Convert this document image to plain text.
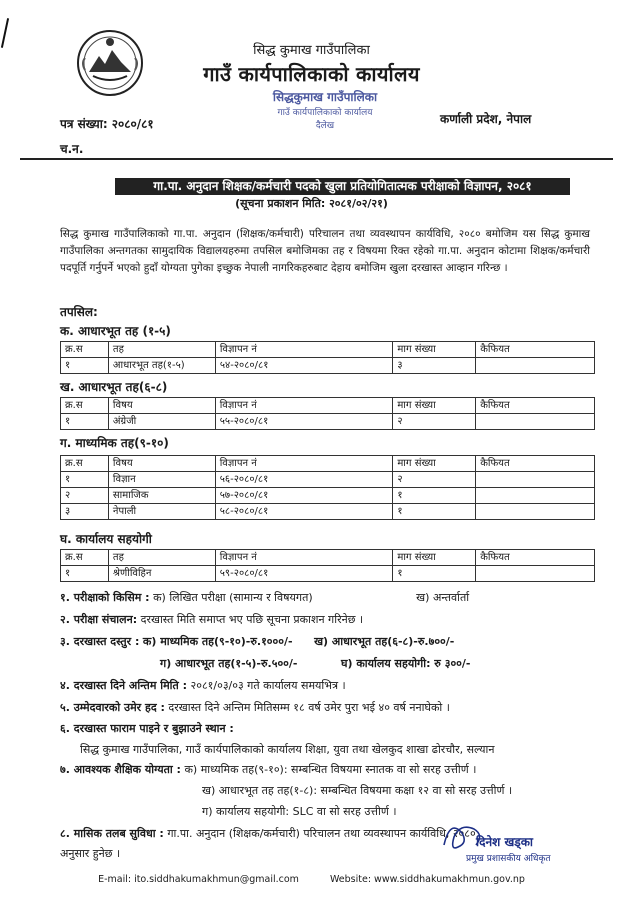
सिद्ध कुमाख गाउँपालिका
गाउँ कार्यपालिकाको कार्यालय
सिद्धकुमाख गाउँपालिका
गाउँ कार्यपालिकाको कार्यालय
दैलेख
पत्र संख्या: २०८०/८१
च.न.
कर्णाली प्रदेश, नेपाल
गा.पा. अनुदान शिक्षक/कर्मचारी पदको खुला प्रतियोगितात्मक परीक्षाको विज्ञापन, २०८१
(सूचना प्रकाशन मिति: २०८१/०२/२१)
सिद्ध कुमाख गाउँपालिकाको गा.पा. अनुदान (शिक्षक/कर्मचारी) परिचालन तथा व्यवस्थापन कार्यविधि, २०८० बमोजिम यस सिद्ध कुमाख गाउँपालिका अन्तगतका सामुदायिक विद्यालयहरुमा तपसिल बमोजिमका तह र विषयमा रिक्त रहेको गा.पा. अनुदान कोटामा शिक्षक/कर्मचारी पदपूर्ति गर्नुपर्ने भएको हुदाँ योग्यता पुगेका इच्छुक नेपाली नागरिकहरुबाट देहाय बमोजिम खुला दरखास्त आव्हान गरिन्छ ।
तपसिल:
क. आधारभूत तह (१-५)
क्र.स	तह	विज्ञापन नं	माग संख्या	कैफियत
१	आधारभूत तह(१-५)	५४-२०८०/८१	३	
ख. आधारभूत तह(६-८)
क्र.स	विषय	विज्ञापन नं	माग संख्या	कैफियत
१	अंग्रेजी	५५-२०८०/८१	२	
ग. माध्यमिक तह(९-१०)
क्र.स	विषय	विज्ञापन नं	माग संख्या	कैफियत
१	विज्ञान	५६-२०८०/८१	२	
२	सामाजिक	५७-२०८०/८१	१	
३	नेपाली	५८-२०८०/८१	१	
घ. कार्यालय सहयोगी
क्र.स	तह	विज्ञापन नं	माग संख्या	कैफियत
१	श्रेणीविहिन	५९-२०८०/८१	१	
१. परीक्षाको किसिम : क) लिखित परीक्षा (सामान्य र विषयगत)	ख) अन्तर्वार्ता
२. परीक्षा संचालन: दरखास्त मिति समाप्त भए पछि सूचना प्रकाशन गरिनेछ ।
३. दरखास्त दस्तुर : क) माध्यमिक तह(९-१०)-रु.१०००/- ख) आधारभूत तह(६-८)-रु.७००/-
ग) आधारभूत तह(१-५)-रु.५००/-	घ) कार्यालय सहयोगी: रु ३००/-
४. दरखास्त दिने अन्तिम मिति : २०८१/०३/०३ गते कार्यालय समयभित्र ।
५. उम्मेदवारको उमेर हद : दरखास्त दिने अन्तिम मितिसम्म १८ वर्ष उमेर पुरा भई ४० वर्ष ननाघेको ।
६. दरखास्त फाराम पाइने र बुझाउने स्थान :
सिद्ध कुमाख गाउँपालिका, गाउँ कार्यपालिकाको कार्यालय शिक्षा, युवा तथा खेलकुद शाखा ढोरचौर, सल्यान
७. आवश्यक शैक्षिक योग्यता : क) माध्यमिक तह(९-१०): सम्बन्धित विषयमा स्नातक वा सो सरह उत्तीर्ण ।
ख) आधारभूत तह तह(१-८): सम्बन्धित विषयमा कक्षा १२ वा सो सरह उत्तीर्ण ।
ग) कार्यालय सहयोगी: SLC वा सो सरह उत्तीर्ण ।
८. मासिक तलब सुविधा : गा.पा. अनुदान (शिक्षक/कर्मचारी) परिचालन तथा व्यवस्थापन कार्यविधि, २०८०
अनुसार हुनेछ ।
दिनेश खड्का
प्रमुख प्रशासकीय अधिकृत
E-mail: ito.siddhakumakhmun@gmail.com	Website: www.siddhakumakhmun.gov.np
